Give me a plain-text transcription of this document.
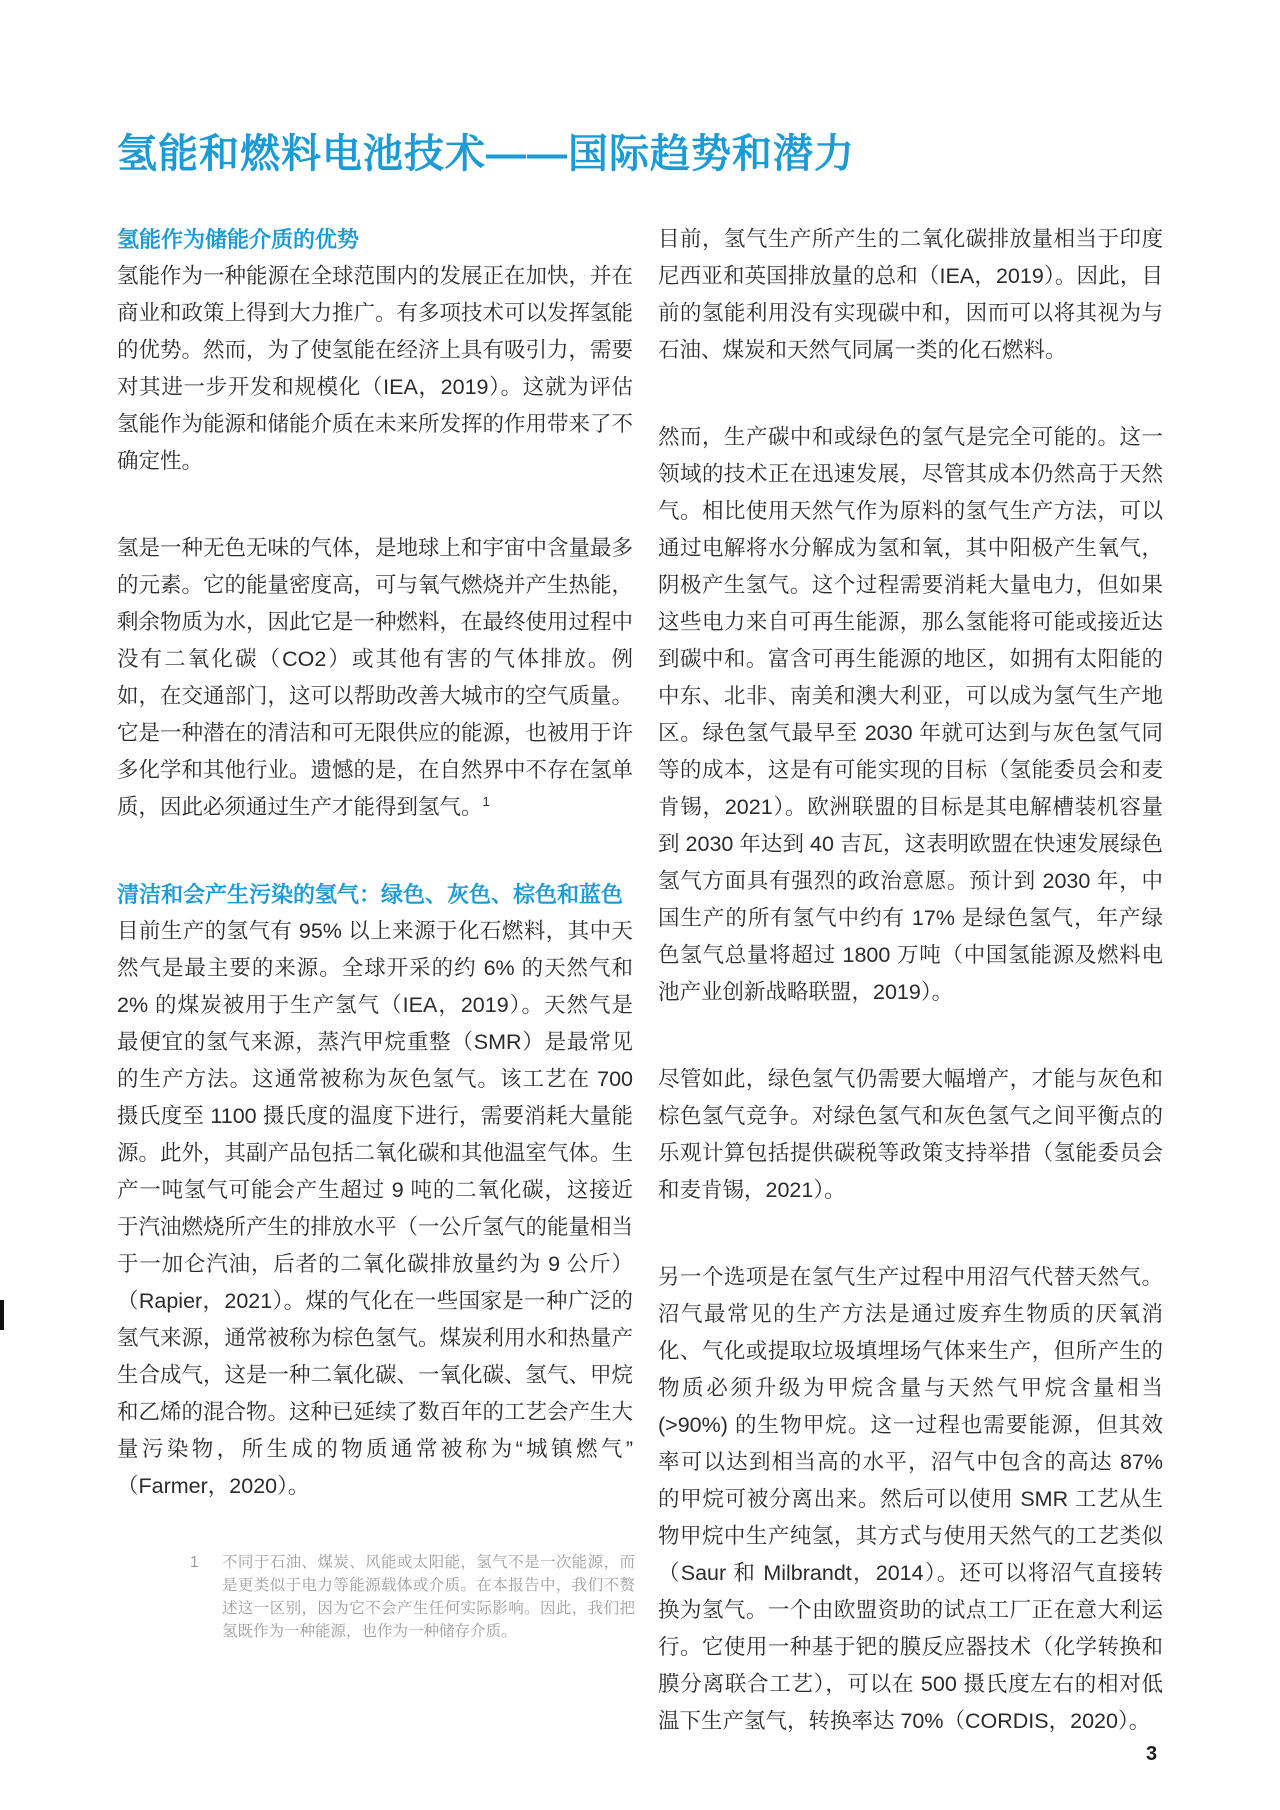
氢能和燃料电池技术——国际趋势和潜力
氢能作为储能介质的优势

氢能作为一种能源在全球范围内的发展正在加快，并在商业和政策上得到大力推广。有多项技术可以发挥氢能的优势。然而，为了使氢能在经济上具有吸引力，需要对其进一步开发和规模化（IEA，2019）。这就为评估氢能作为能源和储能介质在未来所发挥的作用带来了不确定性。

氢是一种无色无味的气体，是地球上和宇宙中含量最多的元素。它的能量密度高，可与氧气燃烧并产生热能，剩余物质为水，因此它是一种燃料，在最终使用过程中没有二氧化碳（CO2）或其他有害的气体排放。例如，在交通部门，这可以帮助改善大城市的空气质量。它是一种潜在的清洁和可无限供应的能源，也被用于许多化学和其他行业。遗憾的是，在自然界中不存在氢单质，因此必须通过生产才能得到氢气。$^1$

清洁和会产生污染的氢气：绿色、灰色、棕色和蓝色

目前生产的氢气有 95% 以上来源于化石燃料，其中天然气是最主要的来源。全球开采的约 6% 的天然气和 2% 的煤炭被用于生产氢气（IEA，2019）。天然气是最便宜的氢气来源，蒸汽甲烷重整（SMR）是最常见的生产方法。这通常被称为灰色氢气。该工艺在 700 摄氏度至 1100 摄氏度的温度下进行，需要消耗大量能源。此外，其副产品包括二氧化碳和其他温室气体。生产一吨氢气可能会产生超过 9 吨的二氧化碳，这接近于汽油燃烧所产生的排放水平（一公斤氢气的能量相当于一加仑汽油，后者的二氧化碳排放量约为 9 公斤）（Rapier，2021）。煤的气化在一些国家是一种广泛的氢气来源，通常被称为棕色氢气。煤炭利用水和热量产生合成气，这是一种二氧化碳、一氧化碳、氢气、甲烷和乙烯的混合物。这种已延续了数百年的工艺会产生大量污染物，所生成的物质通常被称为“城镇燃气”（Farmer，2020）。

目前，氢气生产所产生的二氧化碳排放量相当于印度尼西亚和英国排放量的总和（IEA，2019）。因此，目前的氢能利用没有实现碳中和，因而可以将其视为与石油、煤炭和天然气同属一类的化石燃料。

然而，生产碳中和或绿色的氢气是完全可能的。这一领域的技术正在迅速发展，尽管其成本仍然高于天然气。相比使用天然气作为原料的氢气生产方法，可以通过电解将水分解成为氢和氧，其中阳极产生氧气，阴极产生氢气。这个过程需要消耗大量电力，但如果这些电力来自可再生能源，那么氢能将可能或接近达到碳中和。富含可再生能源的地区，如拥有太阳能的中东、北非、南美和澳大利亚，可以成为氢气生产地区。绿色氢气最早至 2030 年就可达到与灰色氢气同等的成本，这是有可能实现的目标（氢能委员会和麦肯锡，2021）。欧洲联盟的目标是其电解槽装机容量到 2030 年达到 40 吉瓦，这表明欧盟在快速发展绿色氢气方面具有强烈的政治意愿。预计到 2030 年，中国生产的所有氢气中约有 17% 是绿色氢气，年产绿色氢气总量将超过 1800 万吨（中国氢能源及燃料电池产业创新战略联盟，2019）。

尽管如此，绿色氢气仍需要大幅增产，才能与灰色和棕色氢气竞争。对绿色氢气和灰色氢气之间平衡点的乐观计算包括提供碳税等政策支持举措（氢能委员会和麦肯锡，2021）。

另一个选项是在氢气生产过程中用沼气代替天然气。沼气最常见的生产方法是通过废弃生物质的厌氧消化、气化或提取垃圾填埋场气体来生产，但所产生的物质必须升级为甲烷含量与天然气甲烷含量相当 (>90%) 的生物甲烷。这一过程也需要能源，但其效率可以达到相当高的水平，沼气中包含的高达 87% 的甲烷可被分离出来。然后可以使用 SMR 工艺从生物甲烷中生产纯氢，其方式与使用天然气的工艺类似（Saur 和 Milbrandt，2014）。还可以将沼气直接转换为氢气。一个由欧盟资助的试点工厂正在意大利运行。它使用一种基于钯的膜反应器技术（化学转换和膜分离联合工艺），可以在 500 摄氏度左右的相对低温下生产氢气，转换率达 70%（CORDIS，2020）。

1 不同于石油、煤炭、风能或太阳能，氢气不是一次能源，而是更类似于电力等能源载体或介质。在本报告中，我们不赘述这一区别，因为它不会产生任何实际影响。因此，我们把氢既作为一种能源，也作为一种储存介质。
3
